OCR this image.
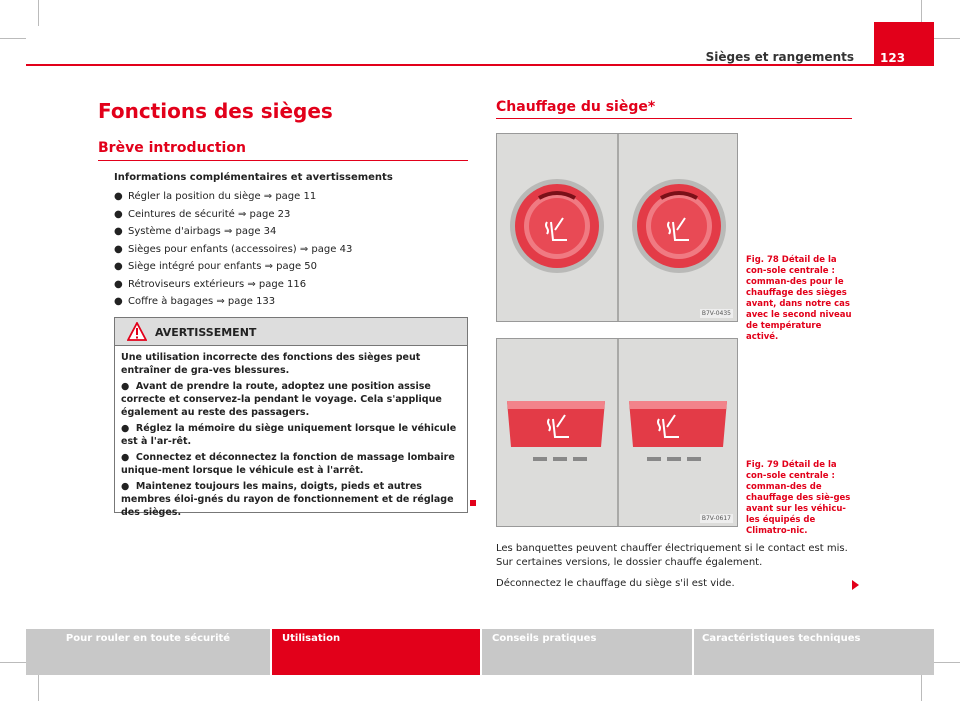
Sièges et rangements 123
Fonctions des sièges
Brève introduction
Informations complémentaires et avertissements
● Régler la position du siège ⇒ page 11
● Ceintures de sécurité ⇒ page 23
● Système d'airbags ⇒ page 34
● Sièges pour enfants (accessoires) ⇒ page 43
● Siège intégré pour enfants ⇒ page 50
● Rétroviseurs extérieurs ⇒ page 116
● Coffre à bagages ⇒ page 133
AVERTISSEMENT

Une utilisation incorrecte des fonctions des sièges peut entraîner de gra-ves blessures.

●  Avant de prendre la route, adoptez une position assise correcte et conservez-la pendant le voyage. Cela s'applique également au reste des passagers.

●  Réglez la mémoire du siège uniquement lorsque le véhicule est à l'ar-rêt.

●  Connectez et déconnectez la fonction de massage lombaire unique-ment lorsque le véhicule est à l'arrêt.

●  Maintenez toujours les mains, doigts, pieds et autres membres éloi-gnés du rayon de fonctionnement et de réglage des sièges.

Chauffage du siège*
B7V-0435
Fig. 78 Détail de la con-sole centrale : comman-des pour le chauffage des sièges avant, dans notre cas avec le second niveau de température activé.
B7V-0617
Fig. 79 Détail de la con-sole centrale : comman-des de chauffage des siè-ges avant sur les véhicu-les équipés de Climatro-nic.
Les banquettes peuvent chauffer électriquement si le contact est mis. Sur certaines versions, le dossier chauffe également.
Déconnectez le chauffage du siège s'il est vide.
Pour rouler en toute sécurité	Utilisation	Conseils pratiques	Caractéristiques techniques
